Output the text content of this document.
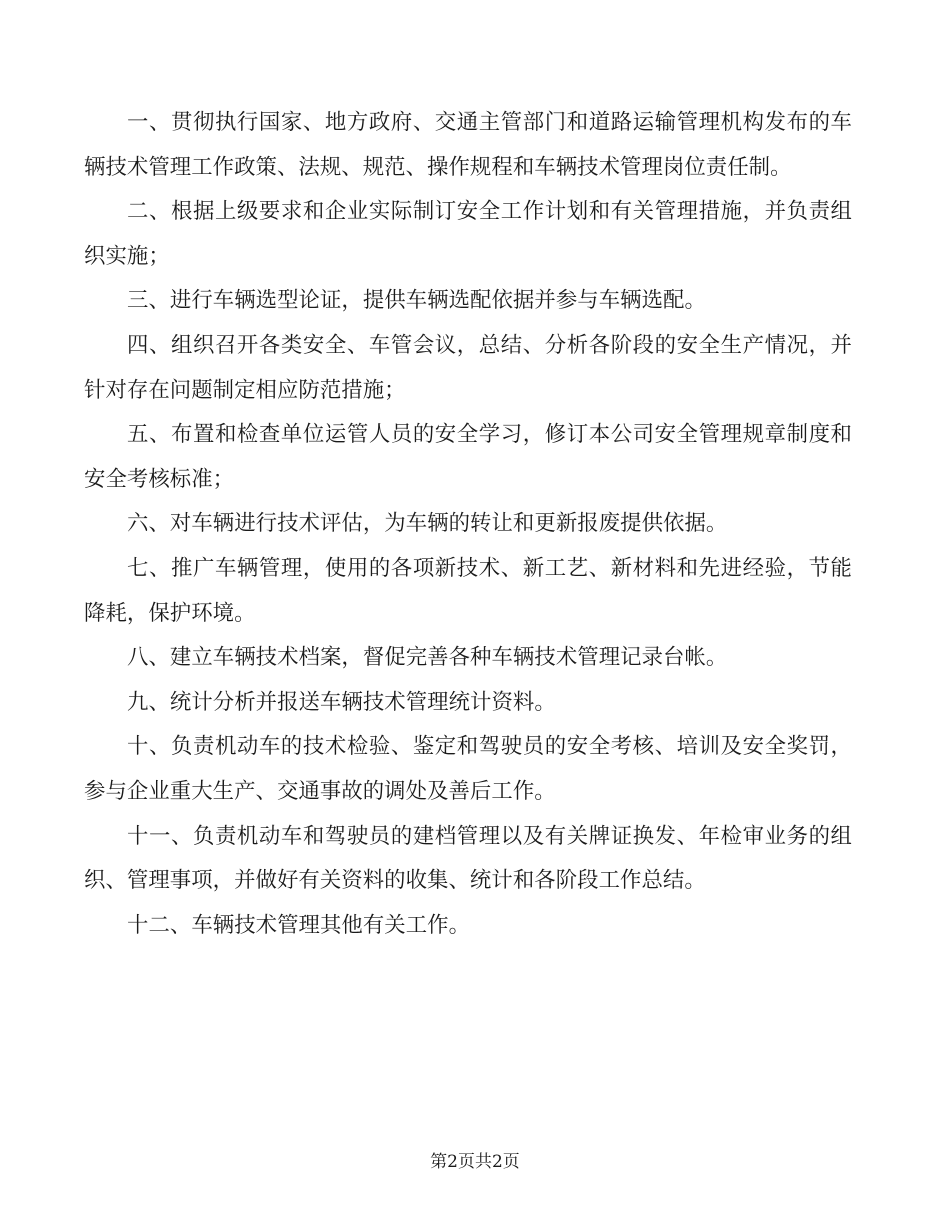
一、贯彻执行国家、地方政府、交通主管部门和道路运输管理机构发布的车辆技术管理工作政策、法规、规范、操作规程和车辆技术管理岗位责任制。

二、根据上级要求和企业实际制订安全工作计划和有关管理措施，并负责组织实施；

三、进行车辆选型论证，提供车辆选配依据并参与车辆选配。

四、组织召开各类安全、车管会议，总结、分析各阶段的安全生产情况，并针对存在问题制定相应防范措施；

五、布置和检查单位运管人员的安全学习，修订本公司安全管理规章制度和安全考核标准；

六、对车辆进行技术评估，为车辆的转让和更新报废提供依据。

七、推广车辆管理，使用的各项新技术、新工艺、新材料和先进经验，节能降耗，保护环境。

八、建立车辆技术档案，督促完善各种车辆技术管理记录台帐。

九、统计分析并报送车辆技术管理统计资料。

十、负责机动车的技术检验、鉴定和驾驶员的安全考核、培训及安全奖罚，参与企业重大生产、交通事故的调处及善后工作。

十一、负责机动车和驾驶员的建档管理以及有关牌证换发、年检审业务的组织、管理事项，并做好有关资料的收集、统计和各阶段工作总结。

十二、车辆技术管理其他有关工作。

第2页共2页
